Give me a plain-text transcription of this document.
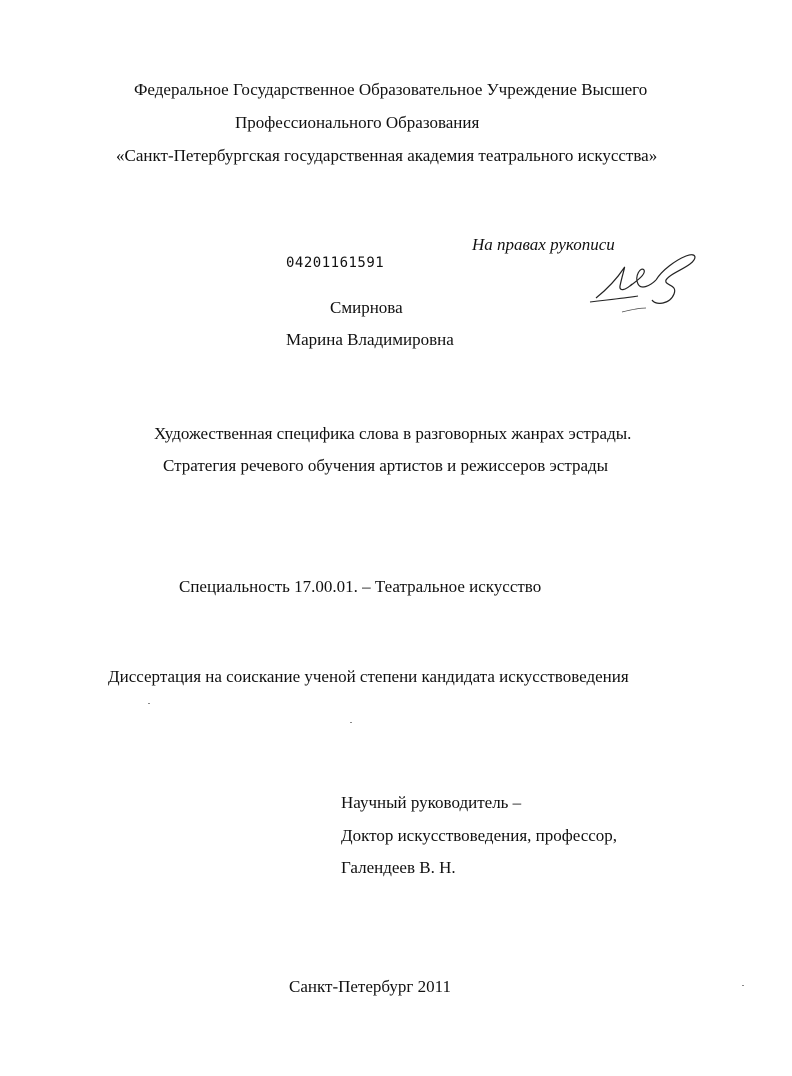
Федеральное Государственное Образовательное Учреждение Высшего
Профессионального Образования
«Санкт-Петербургская государственная академия театрального искусства»
На правах рукописи
04201161591
Смирнова
Марина Владимировна
Художественная специфика слова в разговорных жанрах эстрады.
Стратегия речевого обучения артистов и режиссеров эстрады
Специальность 17.00.01. – Театральное искусство
Диссертация на соискание ученой степени кандидата искусствоведения
Научный руководитель –
Доктор искусствоведения, профессор,
Галендеев В. Н.
Санкт-Петербург 2011
